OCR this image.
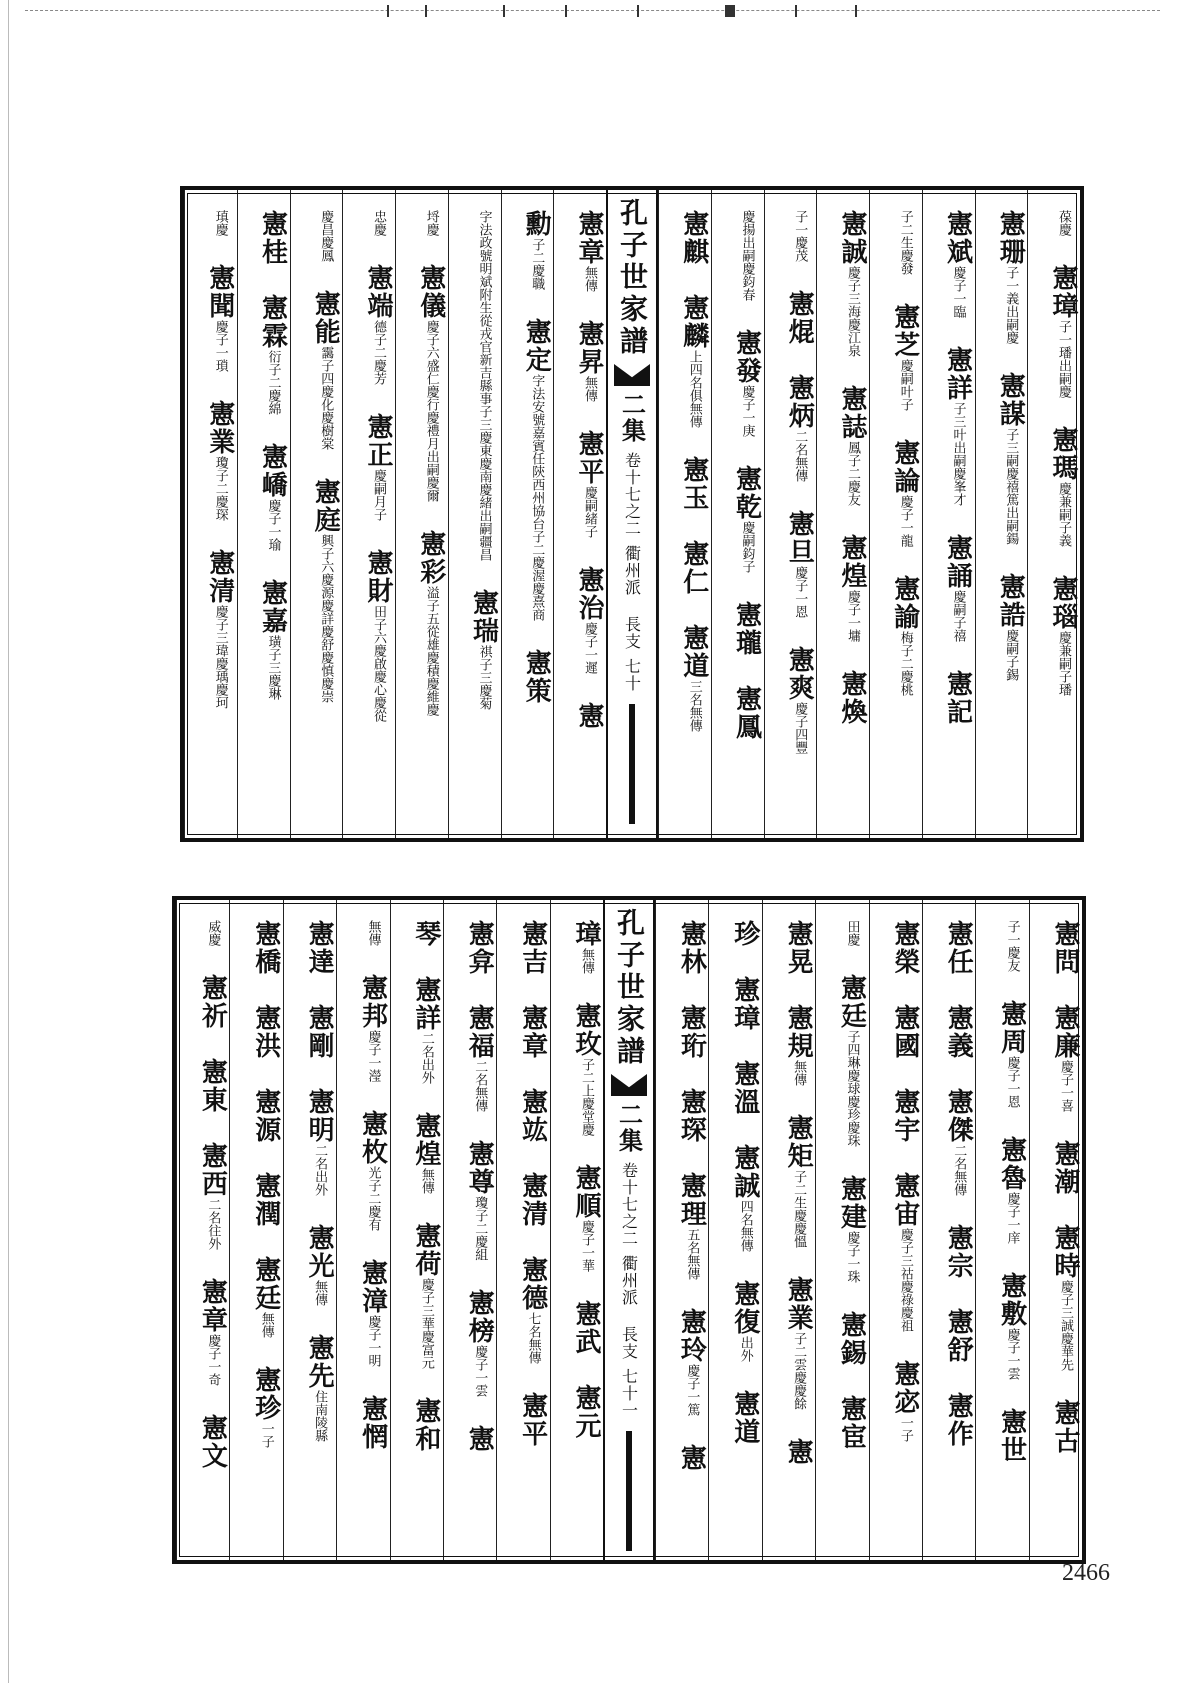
葆慶　憲璋子一璠出嗣慶　憲瑪慶兼嗣子義　憲瑙慶兼嗣子璠　
憲珊子一義出嗣慶　憲謀子三嗣慶禧篤出嗣鍚　憲誥慶嗣子錫　
憲斌慶子一臨　憲詳子三叶出嗣慶峯才　憲誦慶嗣子禧　憲記　
子二生慶發　憲芝慶嗣叶子　憲論慶子一龍　憲諭梅子二慶桃　
憲誠慶子三海慶江泉　憲誌鳳子二慶友　憲煌慶子一墉　憲煥　
子一慶茂　憲焜　憲炳二名無傳　憲旦慶子一恩　憲爽慶子四豐　
慶揚出嗣慶鈞春　憲發慶子一庚　憲乾慶嗣鈞子　憲瓏　憲鳳　
憲麒　憲麟上四名俱無傳　憲玉　憲仁　憲道三名無傳　
孔子世家譜
二集
卷十七之二
衢州派 長支
七十
憲章無傳　憲昇無傳　憲平慶嗣緒子　憲治慶子一遲　憲　
勳子二慶職　憲定字法安號嘉賓任陝西州協台子二慶渥慶熹商　憲策　
字法政號明斌附生從戎官新吉縣事子三慶東慶南慶緒出嗣疆昌　憲瑞祺子三慶菊　
埒慶　憲儀慶子六盛仁慶行慶禮月出嗣慶爾　憲彩溢子五從雄慶積慶維慶　
忠慶　憲端德子二慶芳　憲正慶嗣月子　憲財田子六慶啟慶心慶從　
慶昌慶鳳　憲能靄子四慶化慶樹棠　憲庭興子六慶源慶詳慶舒慶慎慶崇　
憲桂　憲霖衍子二慶綿　憲嶠慶子一瑜　憲嘉璜子三慶琳　
瑱慶　憲聞慶子一瑣　憲業瓊子二慶琛　憲清慶子三瑋慶瑀慶珂　
憲問　憲廉慶子一喜　憲潮　憲時慶子三誠慶華先　憲古　
子一慶友　憲周慶子一恩　憲魯慶子一庠　憲敷慶子一雲　憲世　
憲任　憲義　憲傑二名無傳　憲宗　憲舒　憲作　
憲榮　憲國　憲宇　憲宙慶子三祜慶祿慶祖　憲宓一子　
田慶　憲廷子四琳慶球慶珍慶珠　憲建慶子一珠　憲錫　憲宦　
憲晃　憲規無傳　憲矩子二生慶慶慍　憲業子二雲慶慶餘　憲　
珍　憲璋　憲溫　憲誠四名無傳　憲復出外　憲道　
憲林　憲珩　憲琛　憲理五名無傳　憲玲慶子一篤　憲　
孔子世家譜
二集
卷十七之二
衢州派 長支
七十一
璋無傳　憲玫子二上慶堂慶　憲順慶子一華　憲武　憲元　
憲吉　憲章　憲竑　憲清　憲德七名無傳　憲平　
憲弇　憲福二名無傳　憲尊瓊子二慶組　憲榜慶子一雲　憲　
琴　憲詳二名出外　憲煌無傳　憲荷慶子三華慶富元　憲和　
無傳　憲邦慶子一瀅　憲枚光子二慶有　憲漳慶子一明　憲惘　
憲達　憲剛　憲明二名出外　憲光無傳　憲先住南陵縣　
憲橋　憲洪　憲源　憲潤　憲廷無傳　憲珍一子　
威慶　憲祈　憲東　憲西二名往外　憲章慶子一奇　憲文　
2466
